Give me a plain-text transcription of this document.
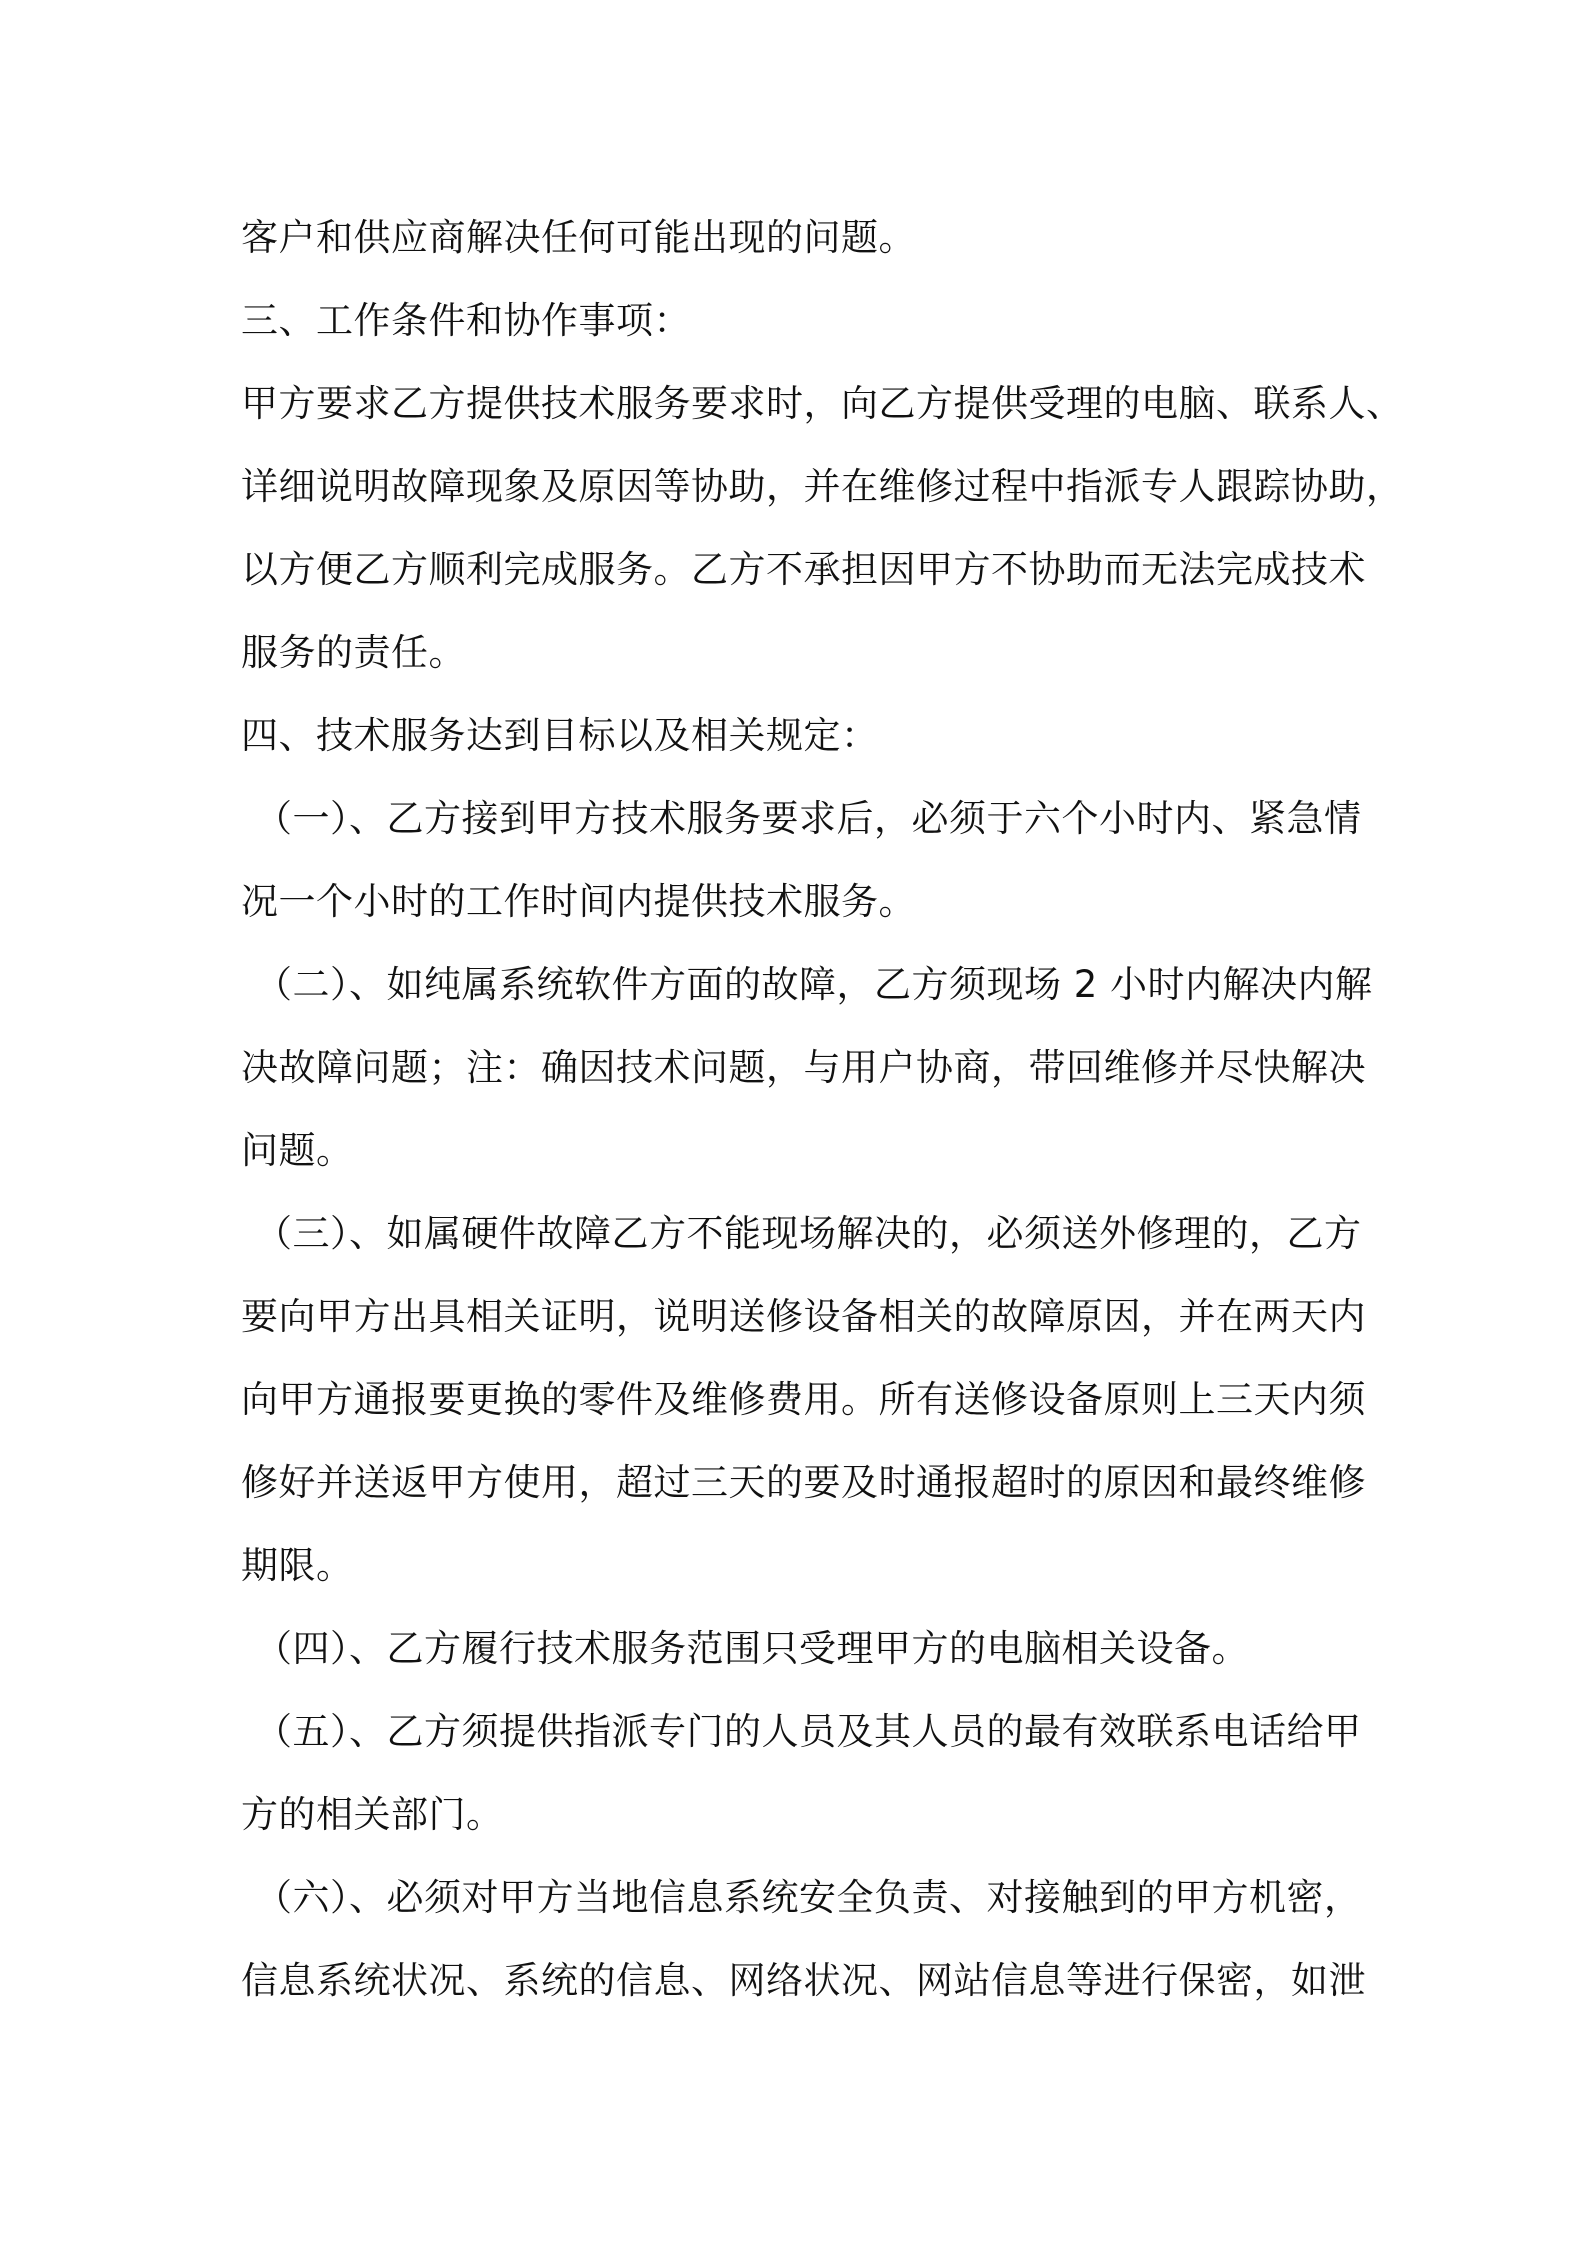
客户和供应商解决任何可能出现的问题。
三、工作条件和协作事项：
甲方要求乙方提供技术服务要求时，向乙方提供受理的电脑、联系人、
详细说明故障现象及原因等协助，并在维修过程中指派专人跟踪协助，
以方便乙方顺利完成服务。乙方不承担因甲方不协助而无法完成技术
服务的责任。
四、技术服务达到目标以及相关规定：
（一）、乙方接到甲方技术服务要求后，必须于六个小时内、紧急情
况一个小时的工作时间内提供技术服务。
（二）、如纯属系统软件方面的故障，乙方须现场 2 小时内解决内解
决故障问题；注：确因技术问题，与用户协商，带回维修并尽快解决
问题。
（三）、如属硬件故障乙方不能现场解决的，必须送外修理的，乙方
要向甲方出具相关证明，说明送修设备相关的故障原因，并在两天内
向甲方通报要更换的零件及维修费用。所有送修设备原则上三天内须
修好并送返甲方使用，超过三天的要及时通报超时的原因和最终维修
期限。
（四）、乙方履行技术服务范围只受理甲方的电脑相关设备。
（五）、乙方须提供指派专门的人员及其人员的最有效联系电话给甲
方的相关部门。
（六）、必须对甲方当地信息系统安全负责、对接触到的甲方机密，
信息系统状况、系统的信息、网络状况、网站信息等进行保密，如泄
